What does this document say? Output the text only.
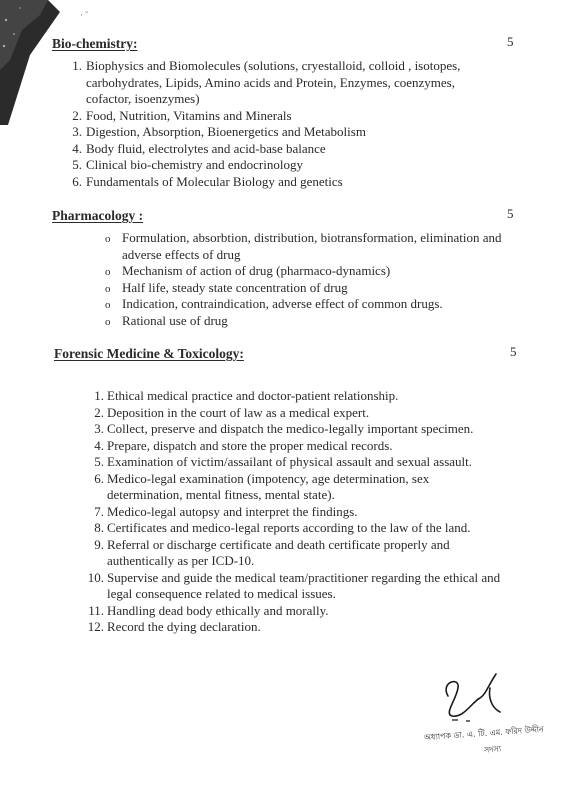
· ˘
Bio-chemistry:	5
1. Biophysics and Biomolecules (solutions, cryestalloid, colloid , isotopes,
carbohydrates, Lipids, Amino acids and Protein, Enzymes, coenzymes,
cofactor, isoenzymes)
2. Food, Nutrition, Vitamins and Minerals
3. Digestion, Absorption, Bioenergetics and Metabolism
4. Body fluid, electrolytes and acid-base balance
5. Clinical bio-chemistry and endocrinology
6. Fundamentals of Molecular Biology and genetics
Pharmacology :	5
o Formulation, absorbtion, distribution, biotransformation, elimination and
adverse effects of drug
o Mechanism of action of drug (pharmaco-dynamics)
o Half life, steady state concentration of drug
o Indication, contraindication, adverse effect of common drugs.
o Rational use of drug
Forensic Medicine & Toxicology:	5
1. Ethical medical practice and doctor-patient relationship.
2. Deposition in the court of law as a medical expert.
3. Collect, preserve and dispatch the medico-legally important specimen.
4. Prepare, dispatch and store the proper medical records.
5. Examination of victim/assailant of physical assault and sexual assault.
6. Medico-legal examination (impotency, age determination, sex
determination, mental fitness, mental state).
7. Medico-legal autopsy and interpret the findings.
8. Certificates and medico-legal reports according to the law of the land.
9. Referral or discharge certificate and death certificate properly and
authentically as per ICD-10.
10. Supervise and guide the medical team/practitioner regarding the ethical and
legal consequence related to medical issues.
11. Handling dead body ethically and morally.
12. Record the dying declaration.
অধ্যাপক ডা. এ. টি. এম. ফরিদ উদ্দীন
সদস্য
